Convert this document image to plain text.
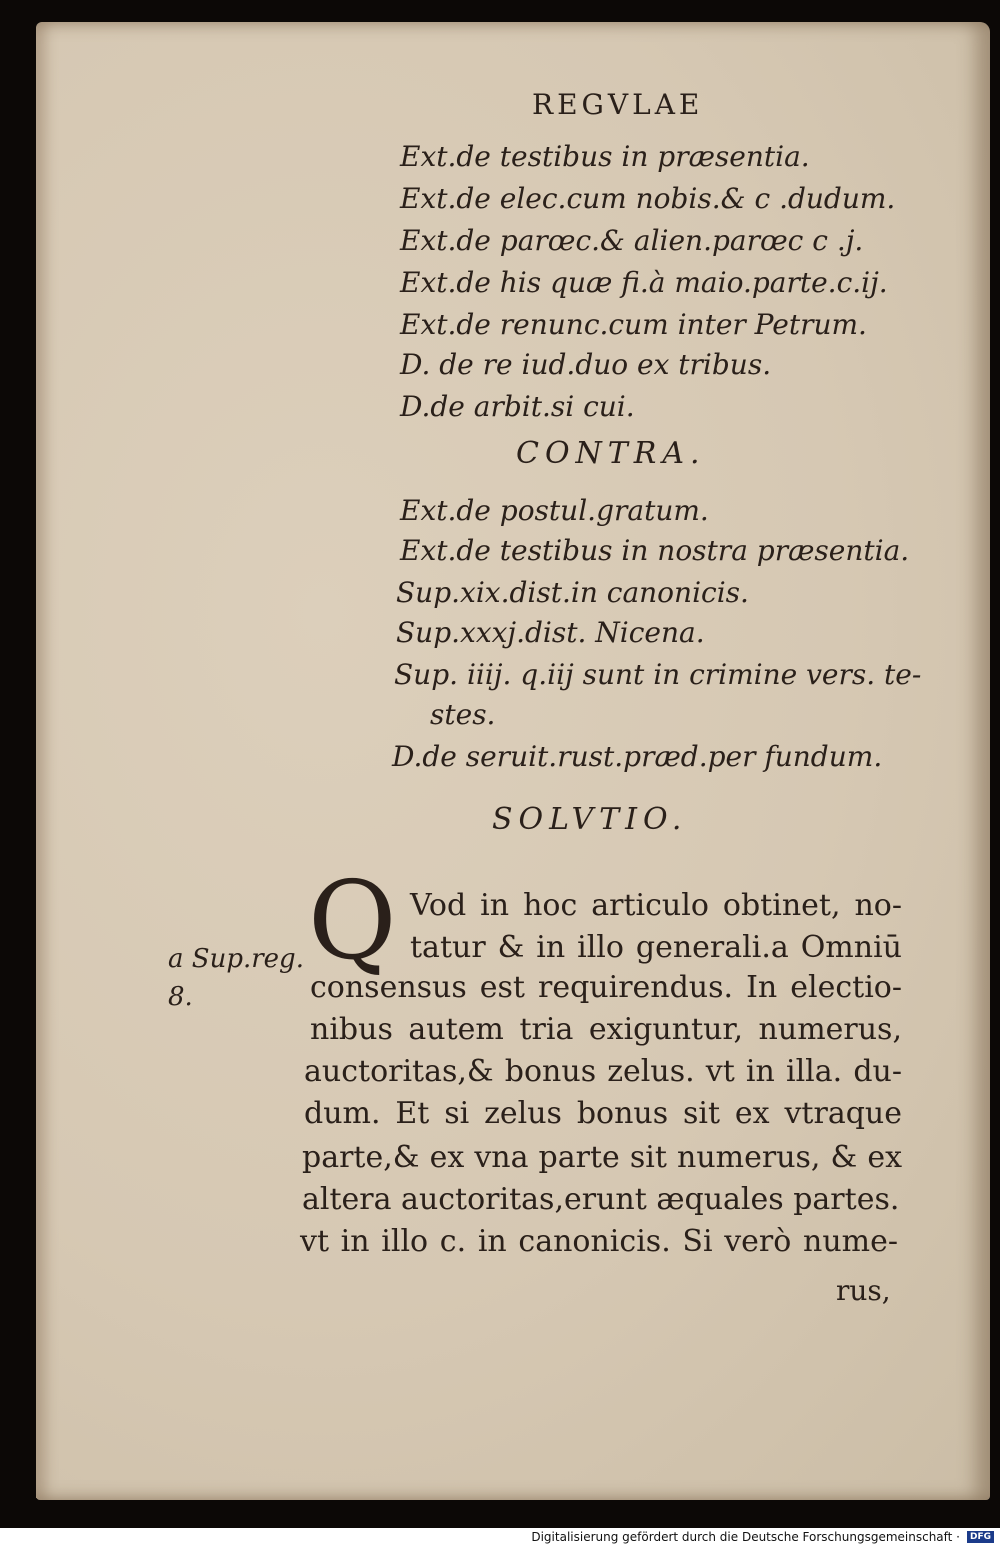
REGVLAE
Ext.de testibus in præsentia.
Ext.de elec.cum nobis.& c .dudum.
Ext.de parœc.& alien.parœc c .j.
Ext.de his quæ fi.à maio.parte.c.ij.
Ext.de renunc.cum inter Petrum.
D. de re iud.duo ex tribus.
D.de arbit.si cui.
CONTRA.
Ext.de postul.gratum.
Ext.de testibus in nostra præsentia.
Sup.xix.dist.in canonicis.
Sup.xxxj.dist. Nicena.
Sup. iiij. q.iij sunt in crimine vers. te-
stes.
D.de seruit.rust.præd.per fundum.
SOLVTIO.
Q Vod in hoc articulo obtinet, no-
tatur & in illo generali.a Omniū
consensus est requirendus. In electio-
nibus autem tria exiguntur, numerus,
auctoritas,& bonus zelus. vt in illa. du-
dum. Et si zelus bonus sit ex vtraque
parte,& ex vna parte sit numerus, & ex
altera auctoritas,erunt æquales partes.
vt in illo c. in canonicis. Si verò nume-
rus,
a Sup.reg.
8.
Digitalisierung gefördert durch die Deutsche Forschungsgemeinschaft ·	DFG
